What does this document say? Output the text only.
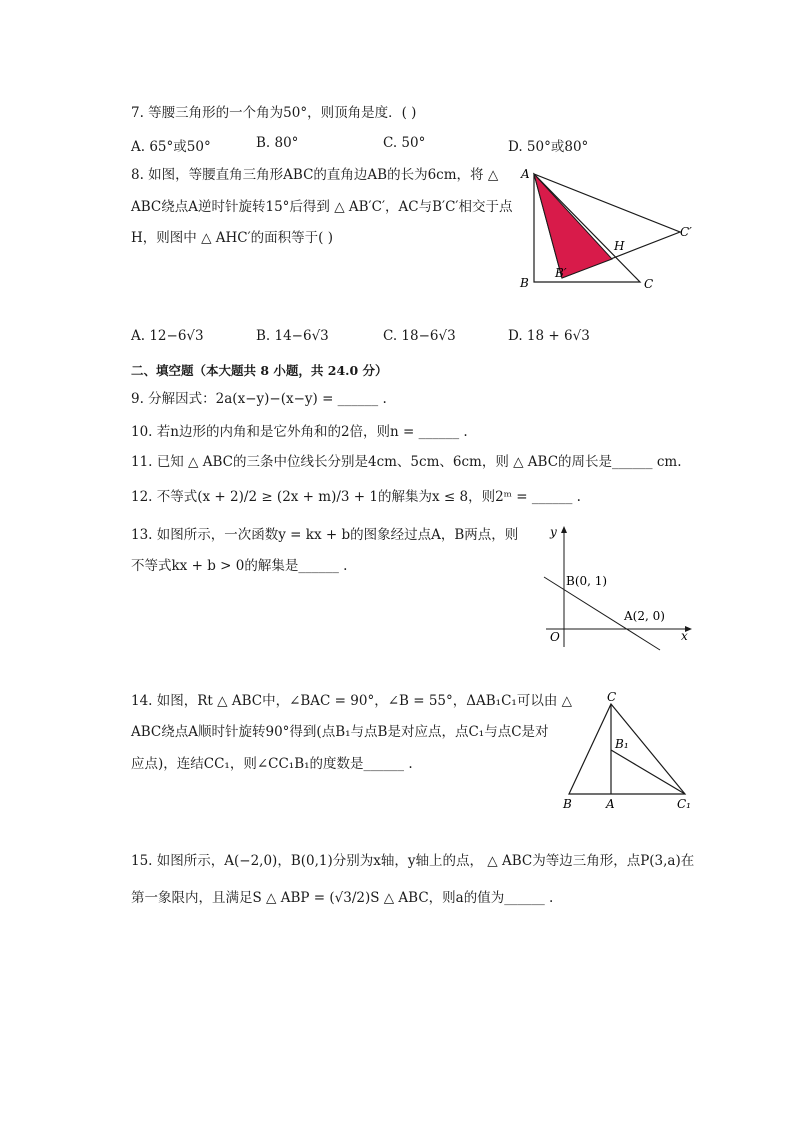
7. 等腰三角形的一个角为50°，则顶角是度．( )
A. 65°或50°	B. 80°	C. 50°	D. 50°或80°
8. 如图，等腰直角三角形ABC的直角边AB的长为6cm，将 △
ABC绕点A逆时针旋转15°后得到 △ AB′C′，AC与B′C′相交于点
H，则图中 △ AHC′的面积等于( )
A
B	C
B′
C′
H
A. 12−6√3	B. 14−6√3	C. 18−6√3	D. 18 + 6√3
二、填空题（本大题共 8 小题，共 24.0 分）
9. 分解因式：2a(x−y)−(x−y) = ______ .
10. 若n边形的内角和是它外角和的2倍，则n = ______ .
11. 已知 △ ABC的三条中位线长分别是4cm、5cm、6cm，则 △ ABC的周长是______ cm.
12. 不等式(x + 2)/2 ≥ (2x + m)/3 + 1的解集为x ≤ 8，则2ᵐ = ______ .
13. 如图所示，一次函数y = kx + b的图象经过点A，B两点，则
不等式kx + b > 0的解集是______ .
y
x
O
B(0, 1)
A(2, 0)
14. 如图，Rt △ ABC中，∠BAC = 90°，∠B = 55°，ΔAB₁C₁可以由 △
ABC绕点A顺时针旋转90°得到(点B₁与点B是对应点，点C₁与点C是对
应点)，连结CC₁，则∠CC₁B₁的度数是______ .
C
B₁
B	A	C₁
15. 如图所示，A(−2,0)，B(0,1)分别为x轴，y轴上的点， △ ABC为等边三角形，点P(3,a)在
第一象限内，且满足S △ ABP = (√3/2)S △ ABC，则a的值为______ .
